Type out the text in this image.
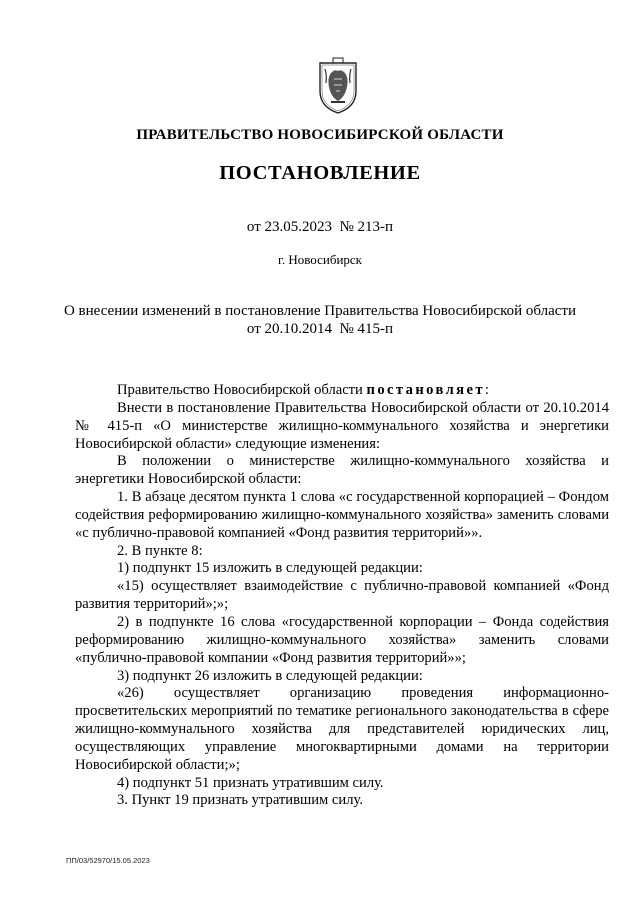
ПРАВИТЕЛЬСТВО НОВОСИБИРСКОЙ ОБЛАСТИ
ПОСТАНОВЛЕНИЕ
от 23.05.2023  № 213-п
г. Новосибирск
О внесении изменений в постановление Правительства Новосибирской области
от 20.10.2014  № 415-п

Правительство Новосибирской области постановляет:

Внести в постановление Правительства Новосибирской области от 20.10.2014 № 415-п «О министерстве жилищно-коммунального хозяйства и энергетики Новосибирской области» следующие изменения:

В положении о министерстве жилищно-коммунального хозяйства и энергетики Новосибирской области:

1. В абзаце десятом пункта 1 слова «с государственной корпорацией – Фондом содействия реформированию жилищно-коммунального хозяйства» заменить словами «с публично-правовой компанией «Фонд развития территорий»».

2. В пункте 8:

1) подпункт 15 изложить в следующей редакции:

«15) осуществляет взаимодействие с публично-правовой компанией «Фонд развития территорий»;»;

2) в подпункте 16 слова «государственной корпорации – Фонда содействия реформированию жилищно-коммунального хозяйства» заменить словами «публично-правовой компании «Фонд развития территорий»»;

3) подпункт 26 изложить в следующей редакции:

«26) осуществляет организацию проведения информационно-просветительских мероприятий по тематике регионального законодательства в сфере жилищно-коммунального хозяйства для представителей юридических лиц, осуществляющих управление многоквартирными домами на территории Новосибирской области;»;

4) подпункт 51 признать утратившим силу.

3. Пункт 19 признать утратившим силу.

ПП/03/52970/15.05.2023
